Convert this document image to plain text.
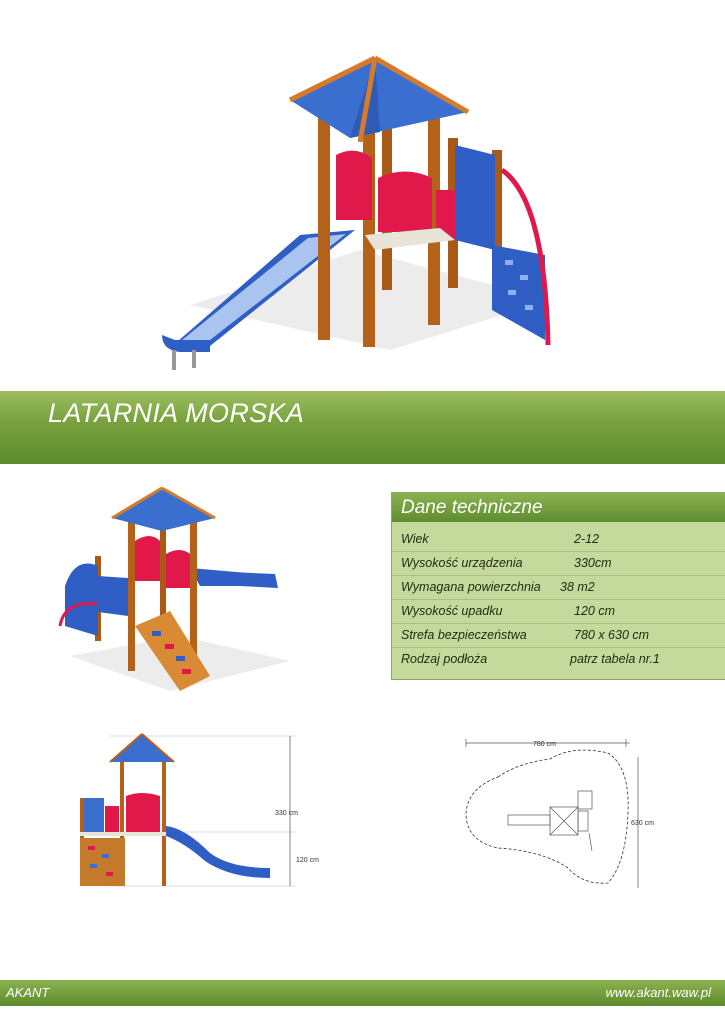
LATARNIA MORSKA
Dane techniczne
Wiek	2-12
Wysokość urządzenia	330cm
Wymagana powierzchnia 38 m2
Wysokość upadku	120 cm
Strefa bezpieczeństwa	780 x 630 cm
Rodzaj podłoża	patrz tabela nr.1
330 cm
120 cm
780 cm
630 cm
AKANT	www.akant.waw.pl
